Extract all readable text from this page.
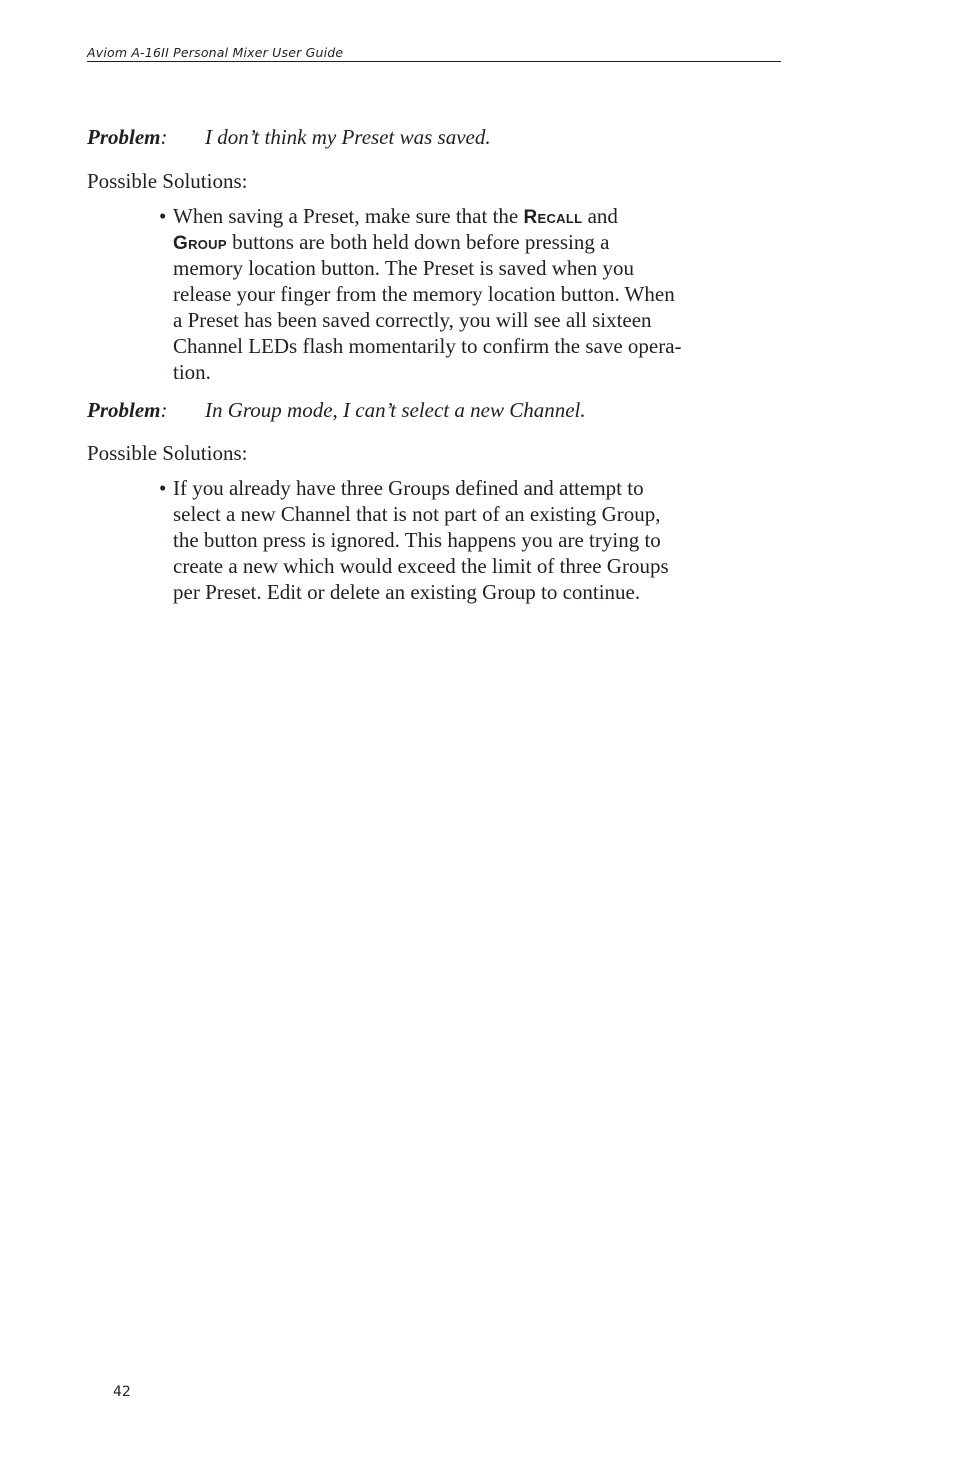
Aviom A-16II Personal Mixer User Guide
Problem: I don’t think my Preset was saved.
Possible Solutions:
• When saving a Preset, make sure that the Recall and
Group buttons are both held down before pressing a
memory location button. The Preset is saved when you
release your finger from the memory location button. When
a Preset has been saved correctly, you will see all sixteen
Channel LEDs flash momentarily to confirm the save opera-
tion.
Problem: In Group mode, I can’t select a new Channel.
Possible Solutions:
• If you already have three Groups defined and attempt to
select a new Channel that is not part of an existing Group,
the button press is ignored. This happens you are trying to
create a new which would exceed the limit of three Groups
per Preset. Edit or delete an existing Group to continue.
42
